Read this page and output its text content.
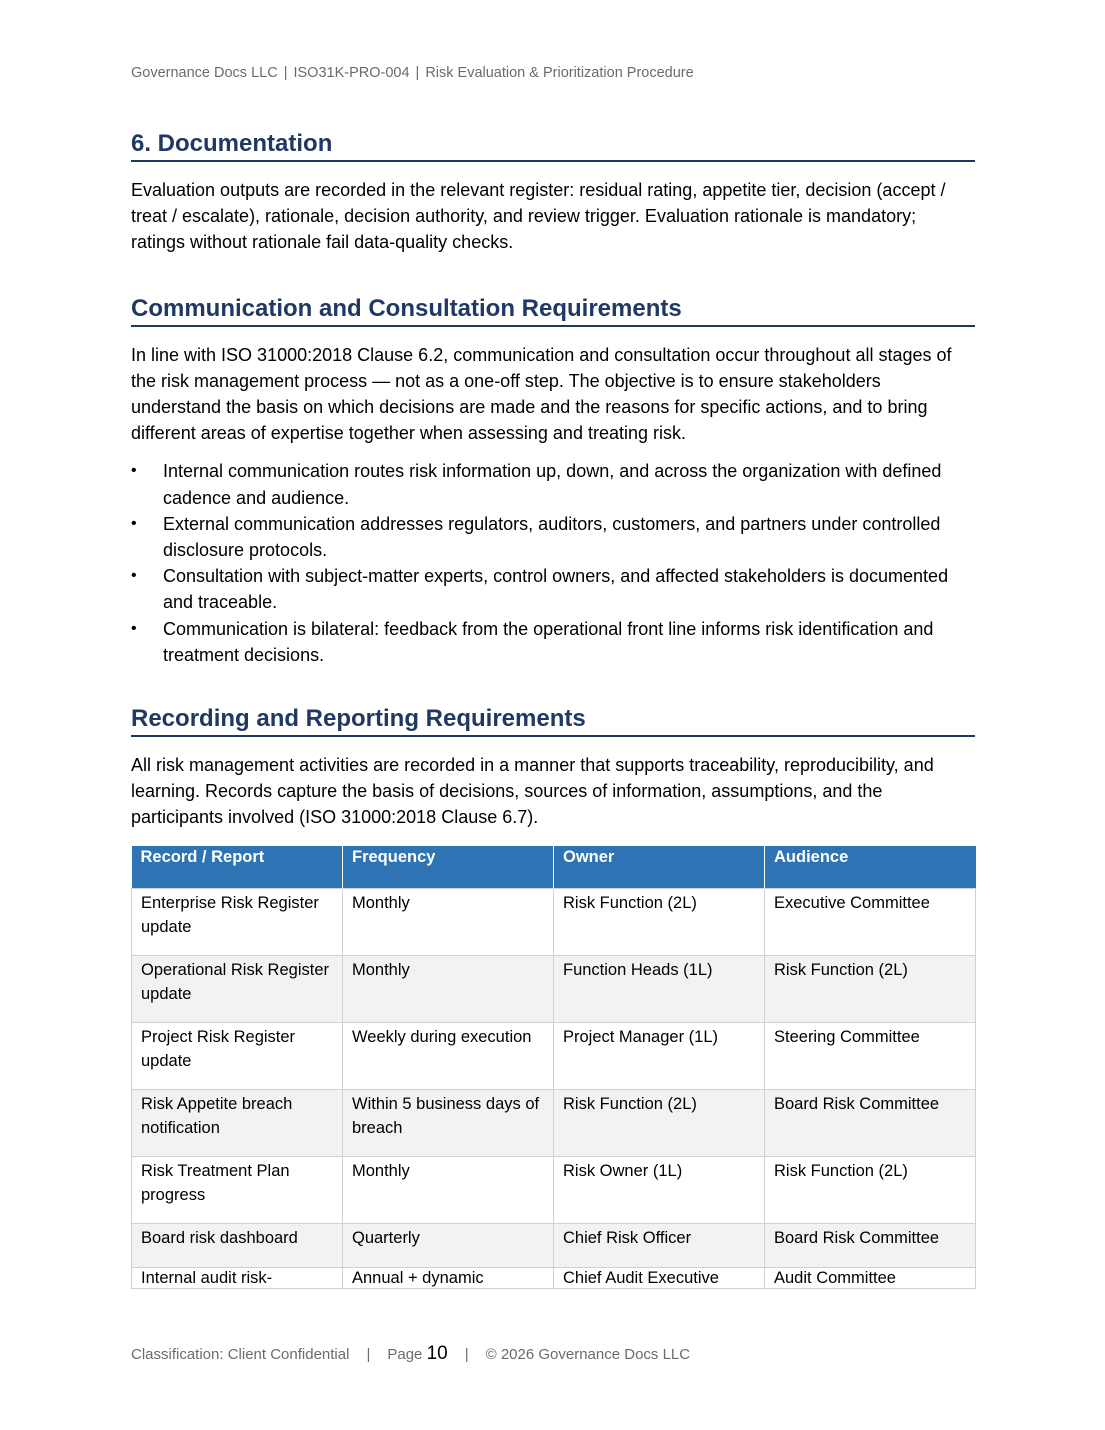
Governance Docs LLC | ISO31K-PRO-004 | Risk Evaluation & Prioritization Procedure
6. Documentation

Evaluation outputs are recorded in the relevant register: residual rating, appetite tier, decision (accept / treat / escalate), rationale, decision authority, and review trigger. Evaluation rationale is mandatory; ratings without rationale fail data-quality checks.

Communication and Consultation Requirements

In line with ISO 31000:2018 Clause 6.2, communication and consultation occur throughout all stages of the risk management process — not as a one-off step. The objective is to ensure stakeholders understand the basis on which decisions are made and the reasons for specific actions, and to bring different areas of expertise together when assessing and treating risk.

• Internal communication routes risk information up, down, and across the organization with defined cadence and audience.
• External communication addresses regulators, auditors, customers, and partners under controlled disclosure protocols.
• Consultation with subject-matter experts, control owners, and affected stakeholders is documented and traceable.
• Communication is bilateral: feedback from the operational front line informs risk identification and treatment decisions.
Recording and Reporting Requirements

All risk management activities are recorded in a manner that supports traceability, reproducibility, and learning. Records capture the basis of decisions, sources of information, assumptions, and the participants involved (ISO 31000:2018 Clause 6.7).

Record / Report	Frequency	Owner	Audience
Enterprise Risk Register update	Monthly	Risk Function (2L)	Executive Committee
Operational Risk Register update	Monthly	Function Heads (1L)	Risk Function (2L)
Project Risk Register update	Weekly during execution	Project Manager (1L)	Steering Committee
Risk Appetite breach notification	Within 5 business days of breach	Risk Function (2L)	Board Risk Committee
Risk Treatment Plan progress	Monthly	Risk Owner (1L)	Risk Function (2L)
Board risk dashboard	Quarterly	Chief Risk Officer	Board Risk Committee
Internal audit risk-	Annual + dynamic	Chief Audit Executive	Audit Committee
Classification: Client Confidential | Page 10 | © 2026 Governance Docs LLC
